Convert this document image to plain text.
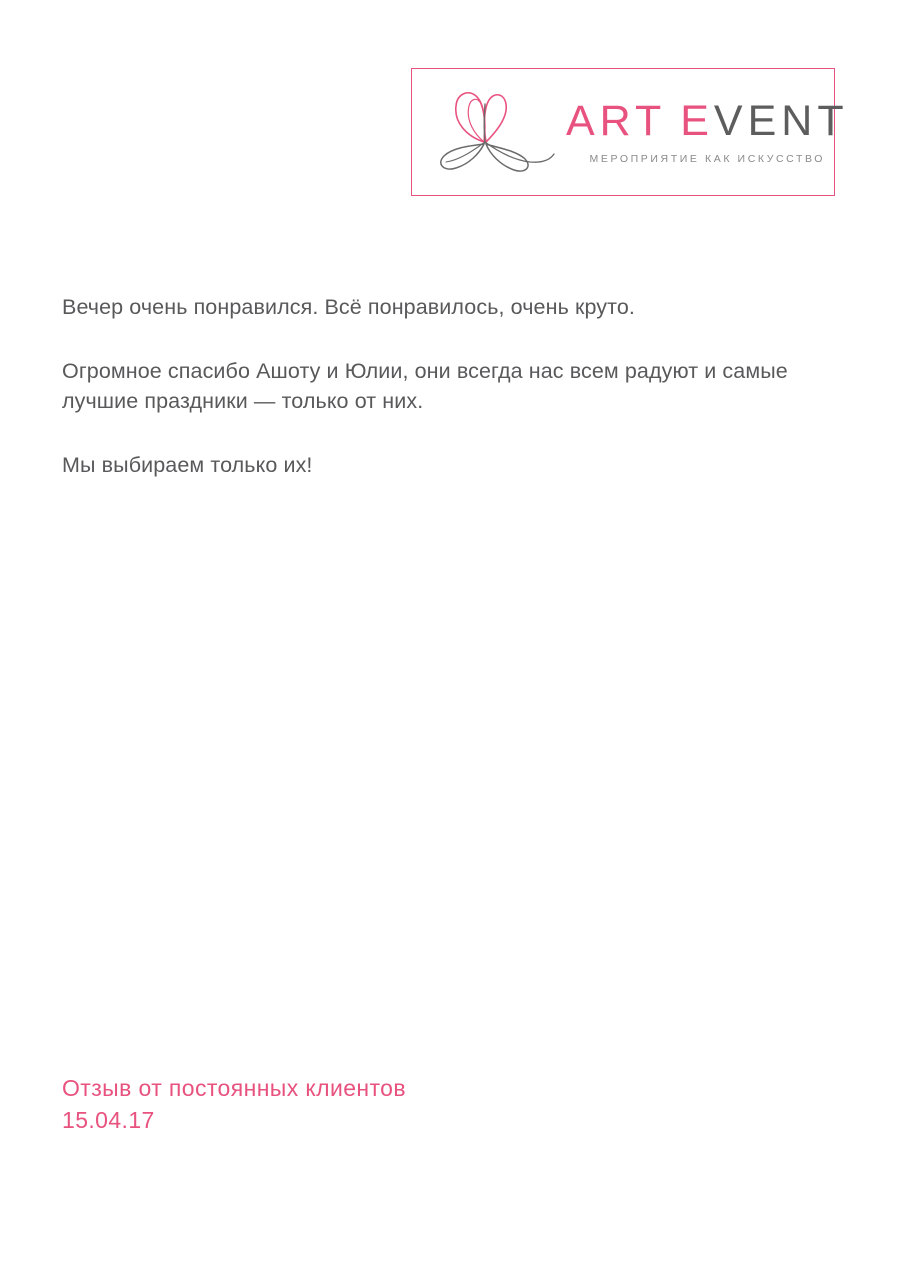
ART EVENT
МЕРОПРИЯТИЕ КАК ИСКУССТВО

Вечер очень понравился. Всё понравилось, очень круто.

Огромное спасибо Ашоту и Юлии, они всегда нас всем радуют и самые лучшие праздники — только от них.

Мы выбираем только их!

Отзыв от постоянных клиентов
15.04.17
